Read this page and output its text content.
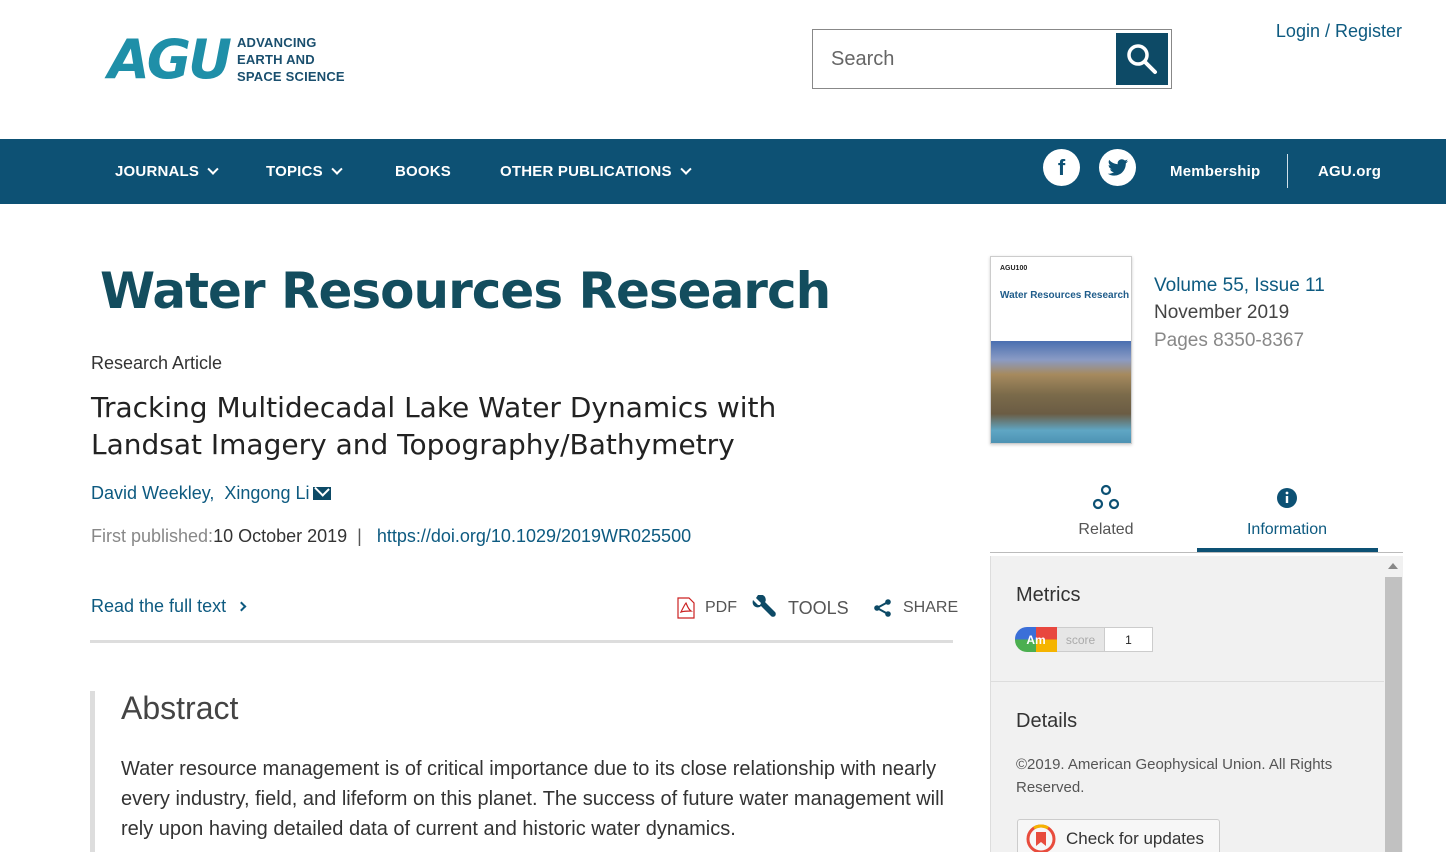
AGU ADVANCING
EARTH AND
SPACE SCIENCE
Search
Login / Register
JOURNALS	TOPICS	BOOKS	OTHER PUBLICATIONS	f	Membership	AGU.org
Water Resources Research
Research Article
Tracking Multidecadal Lake Water Dynamics with Landsat Imagery and Topography/Bathymetry
David Weekley, Xingong Li
First published: 10 October 2019 | https://doi.org/10.1029/2019WR025500
Read the full text	PDF	TOOLS	SHARE
Abstract

Water resource management is of critical importance due to its close relationship with nearly every industry, field, and lifeform on this planet. The success of future water management will rely upon having detailed data of current and historic water dynamics.

AGU100
Water Resources Research Volume 55, Issue 11
November 2019
Pages 8350-8367
Related	Information
Metrics
Am	score	1
Details
©2019. American Geophysical Union. All Rights Reserved.
Check for updates
